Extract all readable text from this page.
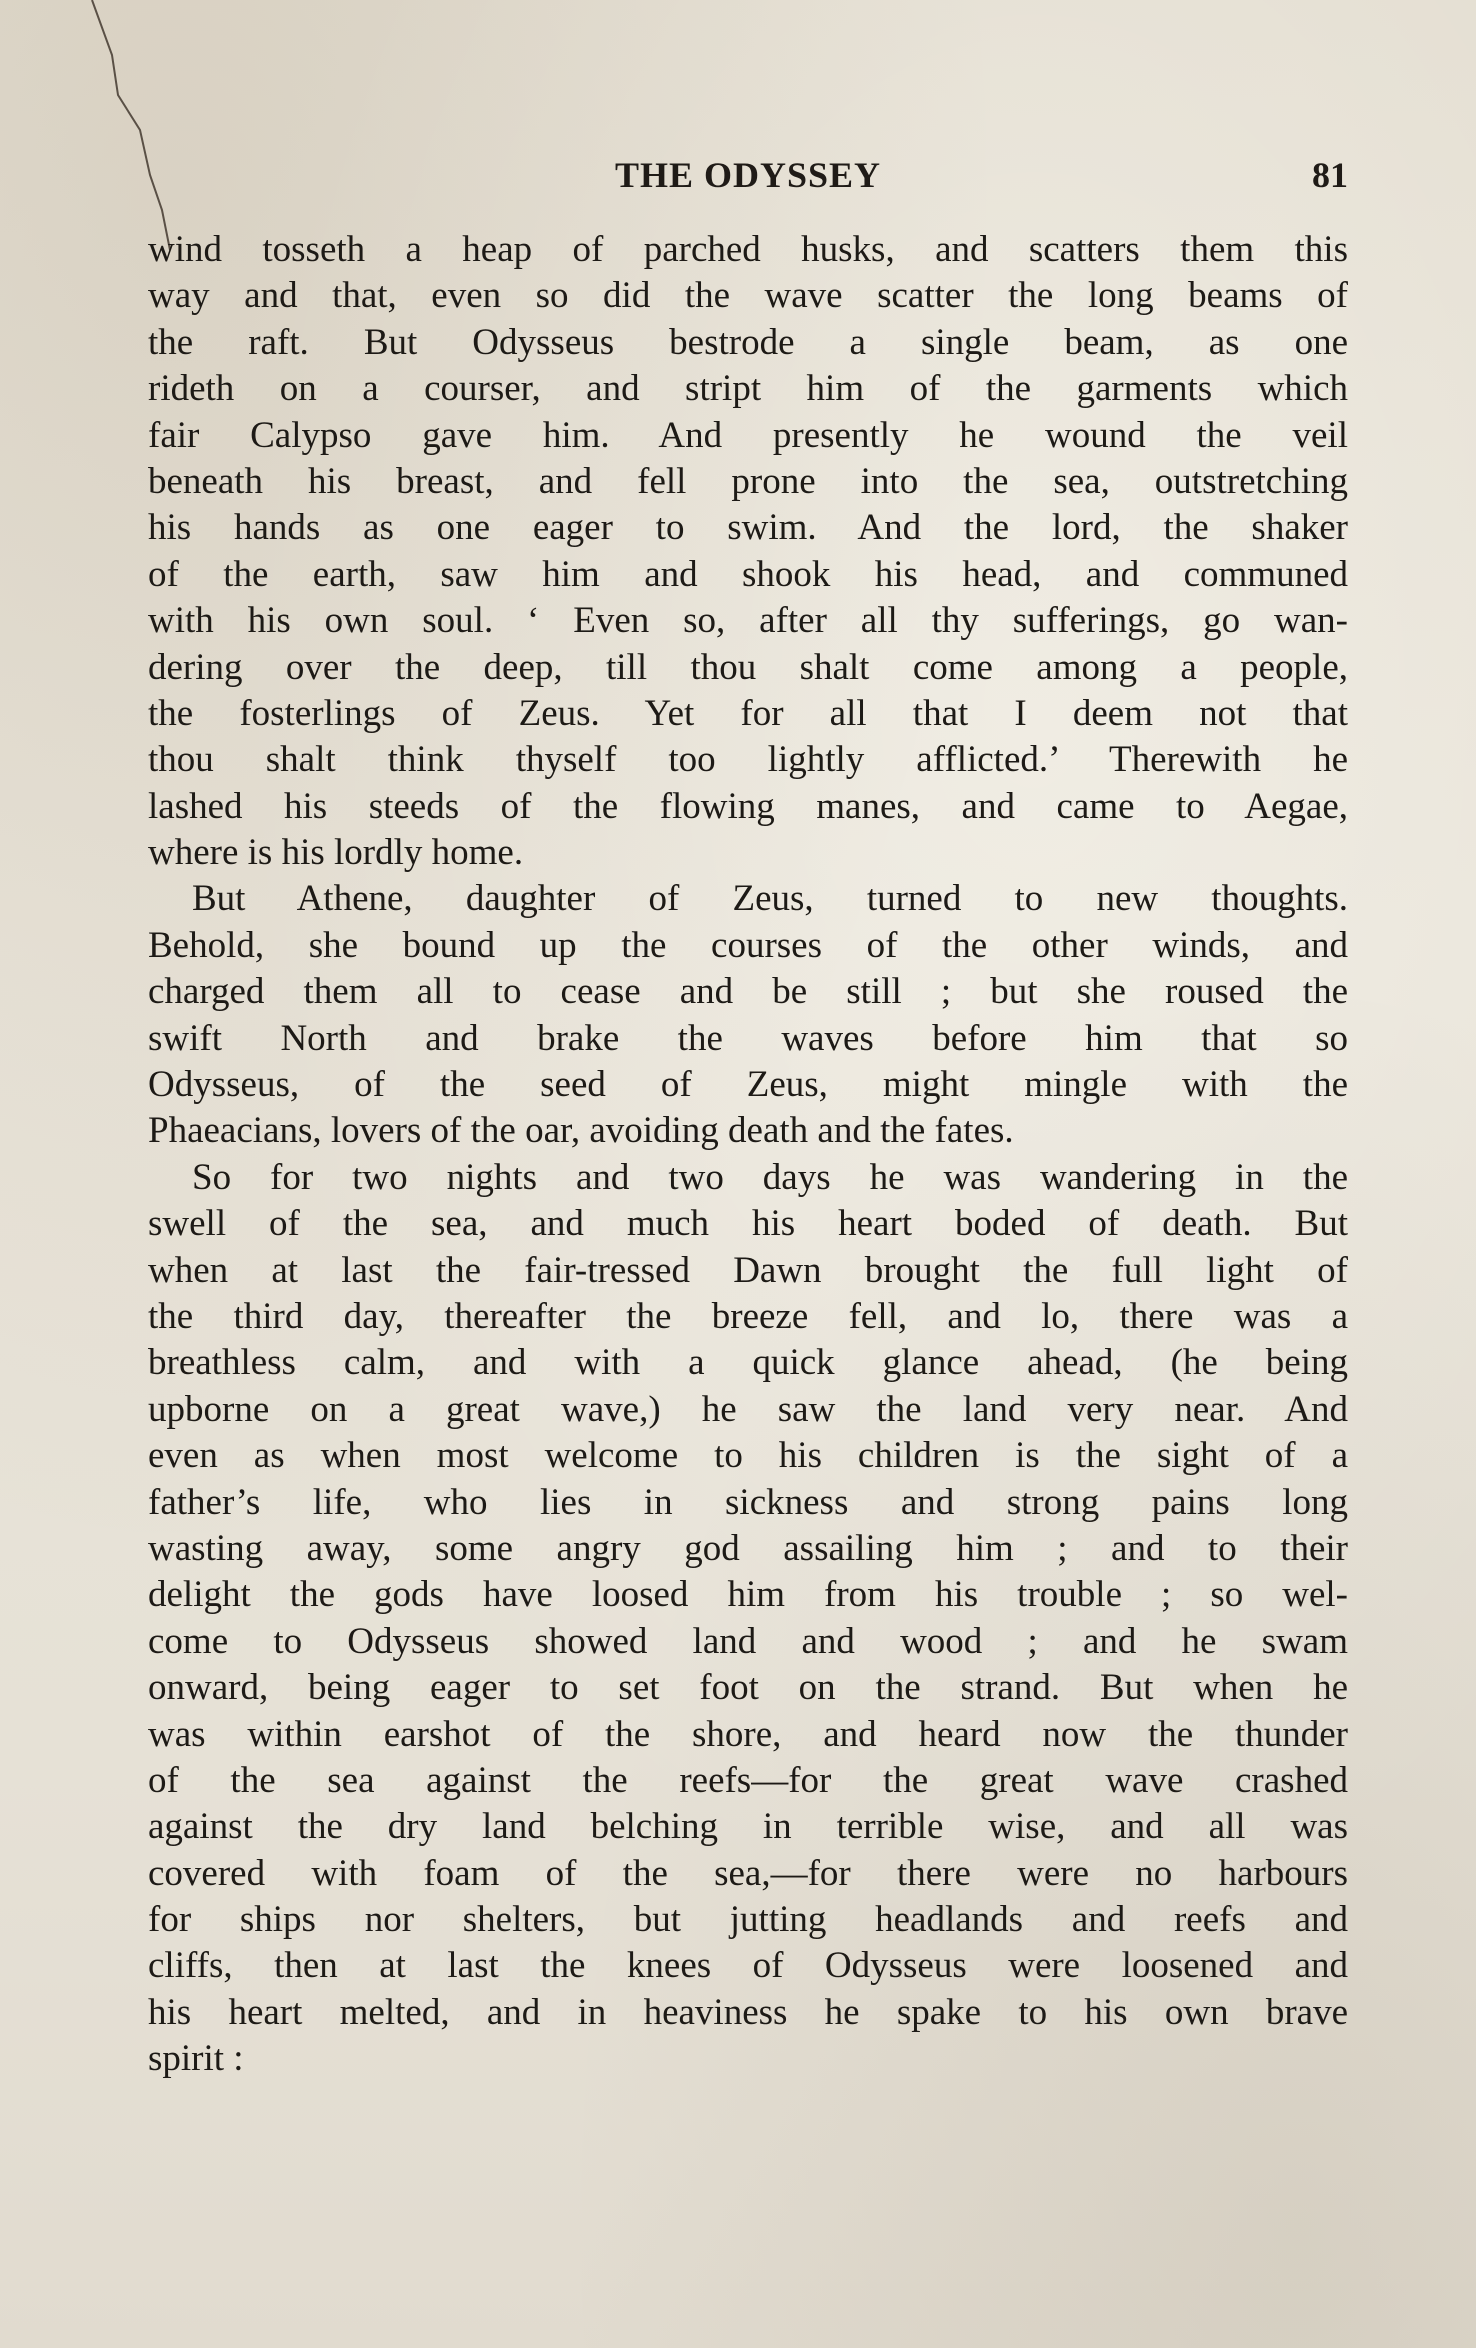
THE ODYSSEY	81
wind tosseth a heap of parched husks, and scatters them this
way and that, even so did the wave scatter the long beams of
the raft. But Odysseus bestrode a single beam, as one
rideth on a courser, and stript him of the garments which
fair Calypso gave him. And presently he wound the veil
beneath his breast, and fell prone into the sea, outstretching
his hands as one eager to swim. And the lord, the shaker
of the earth, saw him and shook his head, and communed
with his own soul. ‘ Even so, after all thy sufferings, go wan-
dering over the deep, till thou shalt come among a people,
the fosterlings of Zeus. Yet for all that I deem not that
thou shalt think thyself too lightly afflicted.’ Therewith he
lashed his steeds of the flowing manes, and came to Aegae,
where is his lordly home.
But Athene, daughter of Zeus, turned to new thoughts.
Behold, she bound up the courses of the other winds, and
charged them all to cease and be still ; but she roused the
swift North and brake the waves before him that so
Odysseus, of the seed of Zeus, might mingle with the
Phaeacians, lovers of the oar, avoiding death and the fates.
So for two nights and two days he was wandering in the
swell of the sea, and much his heart boded of death. But
when at last the fair-tressed Dawn brought the full light of
the third day, thereafter the breeze fell, and lo, there was a
breathless calm, and with a quick glance ahead, (he being
upborne on a great wave,) he saw the land very near. And
even as when most welcome to his children is the sight of a
father’s life, who lies in sickness and strong pains long
wasting away, some angry god assailing him ; and to their
delight the gods have loosed him from his trouble ; so wel-
come to Odysseus showed land and wood ; and he swam
onward, being eager to set foot on the strand. But when he
was within earshot of the shore, and heard now the thunder
of the sea against the reefs—for the great wave crashed
against the dry land belching in terrible wise, and all was
covered with foam of the sea,—for there were no harbours
for ships nor shelters, but jutting headlands and reefs and
cliffs, then at last the knees of Odysseus were loosened and
his heart melted, and in heaviness he spake to his own brave
spirit :
